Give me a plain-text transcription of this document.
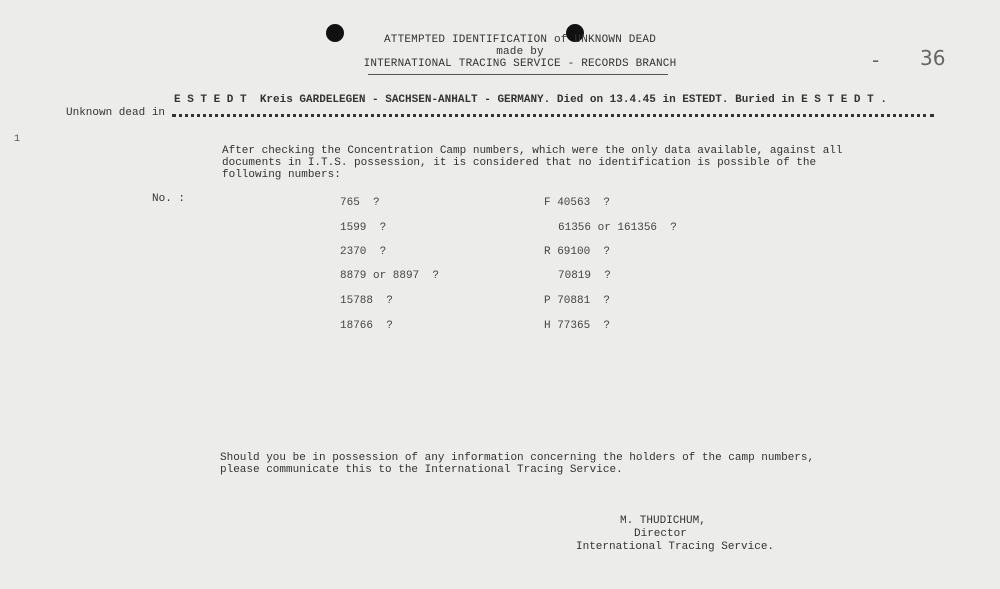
ATTEMPTED IDENTIFICATION of UNKNOWN DEAD
made by
INTERNATIONAL TRACING SERVICE - RECORDS BRANCH	- 36
E S T E D T  Kreis GARDELEGEN - SACHSEN-ANHALT - GERMANY. Died on 13.4.45 in ESTEDT. Buried in E S T E D T .
Unknown dead in
1
After checking the Concentration Camp numbers, which were the only data available, against all
documents in I.T.S. possession, it is considered that no identification is possible of the
following numbers:
No. :	765  ?
1599  ?
2370  ?
8879 or 8897  ?
15788  ?
18766  ?
F 40563  ?
61356 or 161356  ?
R 69100  ?
70819  ?
P 70881  ?
H 77365  ?
Should you be in possession of any information concerning the holders of the camp numbers,
please communicate this to the International Tracing Service.
M. THUDICHUM,
Director
International Tracing Service.
